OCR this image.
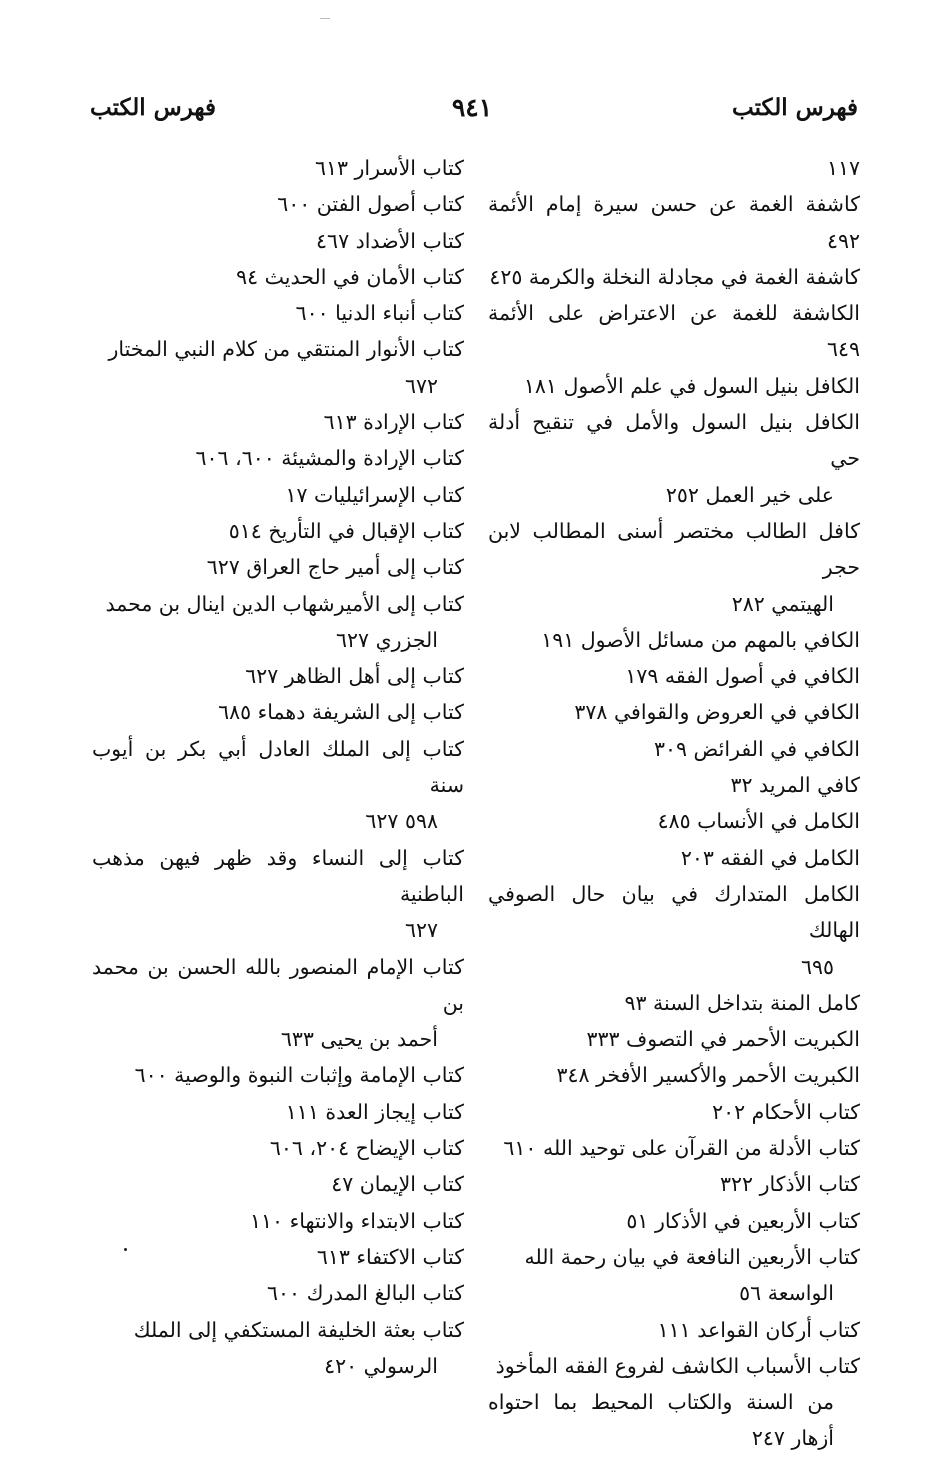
فهرس الكتب
٩٤١
فهرس الكتب
١١٧
كاشفة الغمة عن حسن سيرة إمام الأئمة ٤٩٢
كاشفة الغمة في مجادلة النخلة والكرمة ٤٢٥
الكاشفة للغمة عن الاعتراض على الأئمة ٦٤٩
الكافل بنيل السول في علم الأصول ١٨١
الكافل بنيل السول والأمل في تنقيح أدلة حي
على خير العمل ٢٥٢
كافل الطالب مختصر أسنى المطالب لابن حجر
الهيتمي ٢٨٢
الكافي بالمهم من مسائل الأصول ١٩١
الكافي في أصول الفقه ١٧٩
الكافي في العروض والقوافي ٣٧٨
الكافي في الفرائض ٣٠٩
كافي المريد ٣٢
الكامل في الأنساب ٤٨٥
الكامل في الفقه ٢٠٣
الكامل المتدارك في بيان حال الصوفي الهالك
٦٩٥
كامل المنة بتداخل السنة ٩٣
الكبريت الأحمر في التصوف ٣٣٣
الكبريت الأحمر والأكسير الأفخر ٣٤٨
كتاب الأحكام ٢٠٢
كتاب الأدلة من القرآن على توحيد الله ٦١٠
كتاب الأذكار ٣٢٢
كتاب الأربعين في الأذكار ٥١
كتاب الأربعين النافعة في بيان رحمة الله
الواسعة ٥٦
كتاب أركان القواعد ١١١
كتاب الأسباب الكاشف لفروع الفقه المأخوذ
من السنة والكتاب المحيط بما احتواه أزهار ٢٤٧
كتاب الأسرار ٦١٣
كتاب أصول الفتن ٦٠٠
كتاب الأضداد ٤٦٧
كتاب الأمان في الحديث ٩٤
كتاب أنباء الدنيا ٦٠٠
كتاب الأنوار المنتقي من كلام النبي المختار
٦٧٢
كتاب الإرادة ٦١٣
كتاب الإرادة والمشيئة ٦٠٠، ٦٠٦
كتاب الإسرائيليات ١٧
كتاب الإقبال في التأريخ ٥١٤
كتاب إلى أمير حاج العراق ٦٢٧
كتاب إلى الأميرشهاب الدين اينال بن محمد
الجزري ٦٢٧
كتاب إلى أهل الظاهر ٦٢٧
كتاب إلى الشريفة دهماء ٦٨٥
كتاب إلى الملك العادل أبي بكر بن أيوب سنة
٥٩٨ ٦٢٧
كتاب إلى النساء وقد ظهر فيهن مذهب الباطنية
٦٢٧
كتاب الإمام المنصور بالله الحسن بن محمد بن
أحمد بن يحيى ٦٣٣
كتاب الإمامة وإثبات النبوة والوصية ٦٠٠
كتاب إيجاز العدة ١١١
كتاب الإيضاح ٢٠٤، ٦٠٦
كتاب الإيمان ٤٧
كتاب الابتداء والانتهاء ١١٠
كتاب الاكتفاء ٦١٣
كتاب البالغ المدرك ٦٠٠
كتاب بعثة الخليفة المستكفي إلى الملك
الرسولي ٤٢٠
